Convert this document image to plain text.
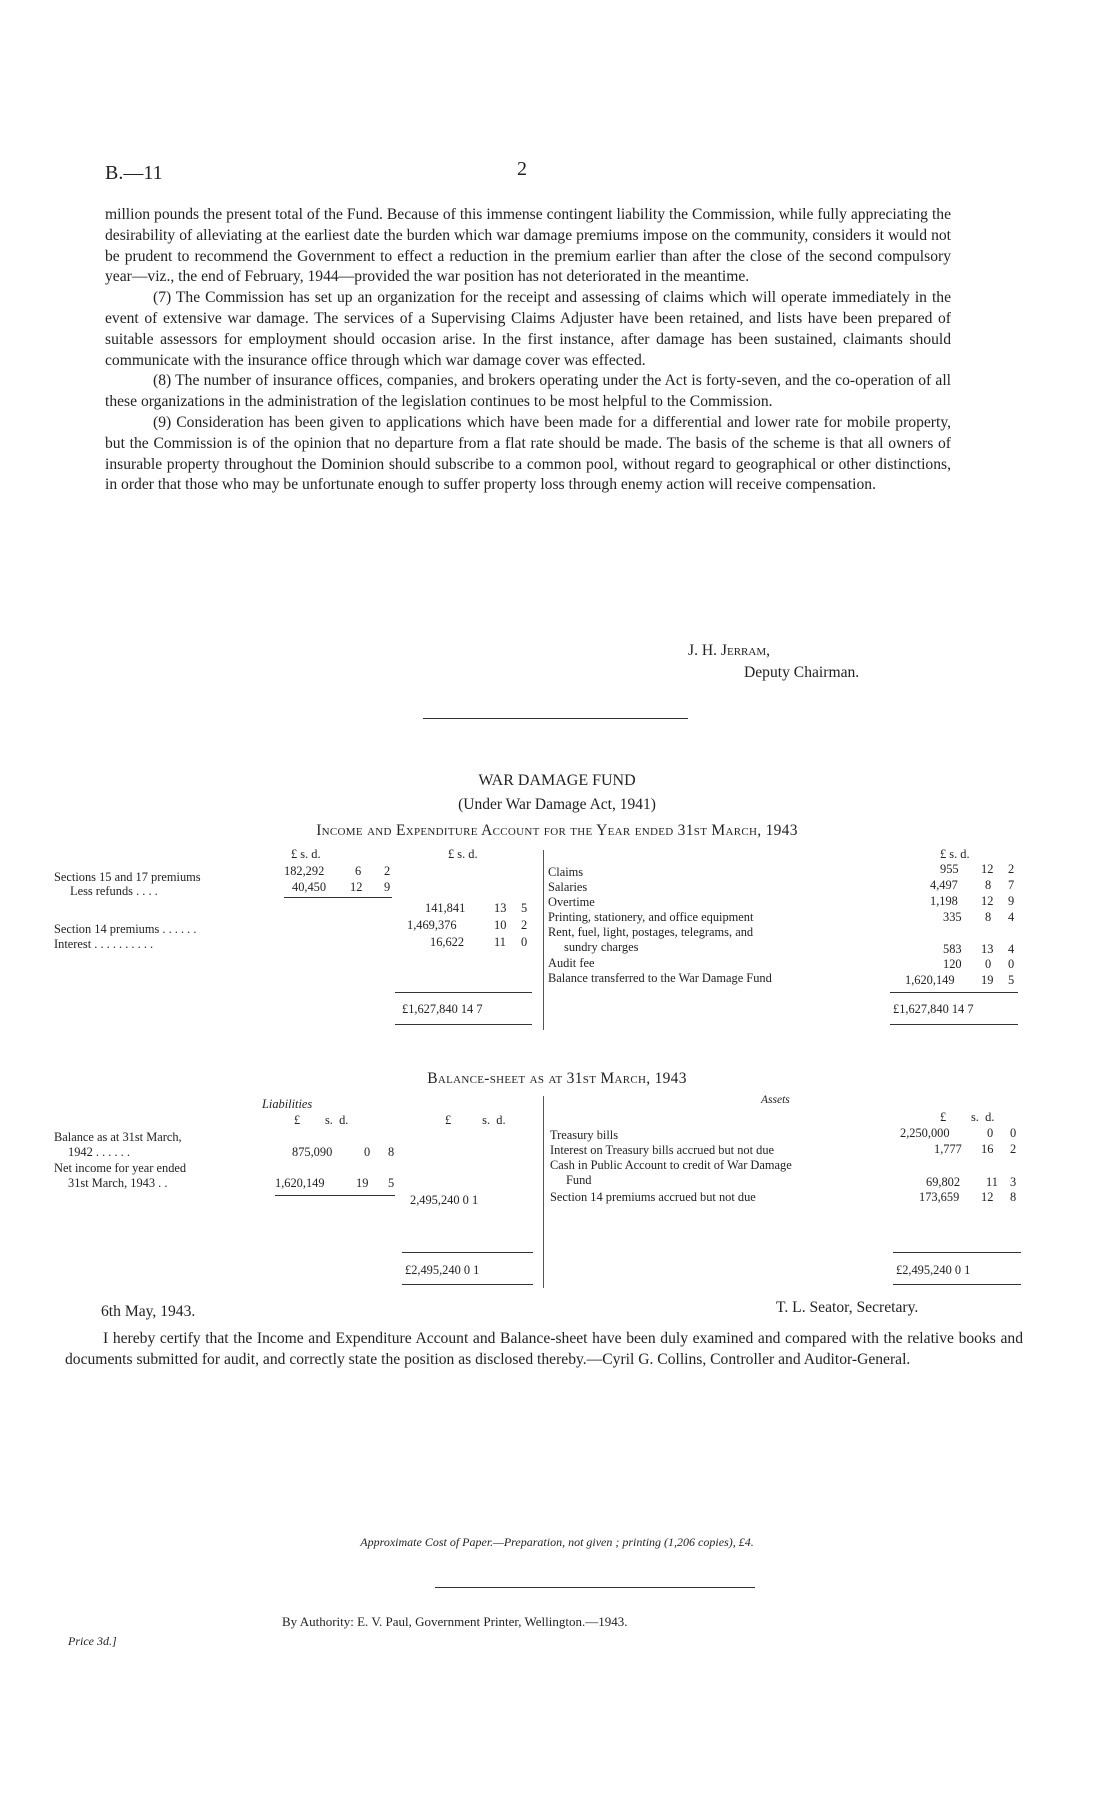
B.—11	2

million pounds the present total of the Fund. Because of this immense contingent liability the Commission, while fully appreciating the desirability of alleviating at the earliest date the burden which war damage premiums impose on the community, considers it would not be prudent to recommend the Government to effect a reduction in the premium earlier than after the close of the second compulsory year—viz., the end of February, 1944—provided the war position has not deteriorated in the meantime.

(7) The Commission has set up an organization for the receipt and assessing of claims which will operate immediately in the event of extensive war damage. The services of a Supervising Claims Adjuster have been retained, and lists have been prepared of suitable assessors for employment should occasion arise. In the first instance, after damage has been sustained, claimants should communicate with the insurance office through which war damage cover was effected.

(8) The number of insurance offices, companies, and brokers operating under the Act is forty-seven, and the co-operation of all these organizations in the administration of the legislation continues to be most helpful to the Commission.

(9) Consideration has been given to applications which have been made for a differential and lower rate for mobile property, but the Commission is of the opinion that no departure from a flat rate should be made. The basis of the scheme is that all owners of insurable property throughout the Dominion should subscribe to a common pool, without regard to geographical or other distinctions, in order that those who may be unfortunate enough to suffer property loss through enemy action will receive compensation.

J. H. Jerram,
Deputy Chairman.
WAR DAMAGE FUND
(Under War Damage Act, 1941)
Income and Expenditure Account for the Year ended 31st March, 1943
£ s. d.	£ s. d.
Sections 15 and 17 premiums	182,292 6 2
Less refunds . . . .	40,450 12 9
141,841 13 5
Section 14 premiums . . . . . .	1,469,376	10 2
Interest . . . . . . . . . .	16,622 11 0
£1,627,840 14 7
£ s. d.
Claims	955 12 2
Salaries	4,497 8 7
Overtime	1,198 12 9
Printing, stationery, and office equipment	335 8 4
Rent, fuel, light, postages, telegrams, and
sundry charges	583 13 4
Audit fee	120 0 0
Balance transferred to the War Damage Fund	1,620,149 19 5
£1,627,840 14 7
Balance-sheet as at 31st March, 1943
Liabilities	Assets
£        s.  d.	£          s.  d.	£        s.  d.
Balance as at 31st March,
1942 . . . . . .	875,090	0 8
Net income for year ended
31st March, 1943 . .	1,620,149	19 5
2,495,240 0 1
£2,495,240 0 1
Treasury bills	2,250,000	0 0
Interest on Treasury bills accrued but not due	1,777 16 2
Cash in Public Account to credit of War Damage
Fund	69,802 11 3
Section 14 premiums accrued but not due	173,659 12 8
£2,495,240 0 1
6th May, 1943.	T. L. Seator, Secretary.
I hereby certify that the Income and Expenditure Account and Balance-sheet have been duly examined and compared with the relative books and documents submitted for audit, and correctly state the position as disclosed thereby.—Cyril G. Collins, Controller and Auditor-General.
Approximate Cost of Paper.—Preparation, not given ; printing (1,206 copies), £4.
By Authority: E. V. Paul, Government Printer, Wellington.—1943.
Price 3d.]
